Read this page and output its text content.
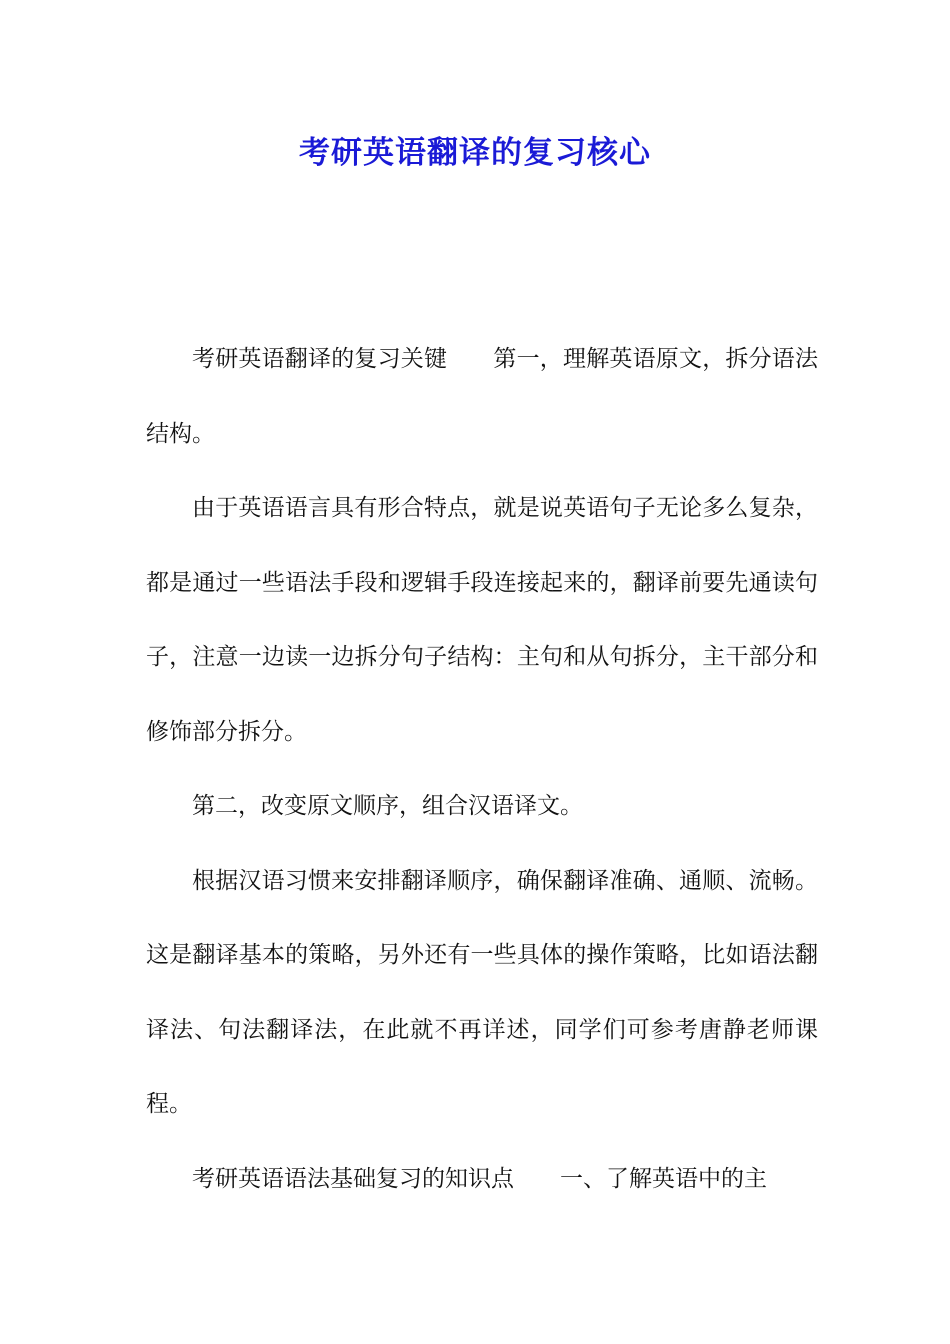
考研英语翻译的复习核心

考研英语翻译的复习关键 第一，理解英语原文，拆分语法结构。

由于英语语言具有形合特点，就是说英语句子无论多么复杂，都是通过一些语法手段和逻辑手段连接起来的，翻译前要先通读句子，注意一边读一边拆分句子结构：主句和从句拆分，主干部分和修饰部分拆分。

第二，改变原文顺序，组合汉语译文。

根据汉语习惯来安排翻译顺序，确保翻译准确、通顺、流畅。这是翻译基本的策略，另外还有一些具体的操作策略，比如语法翻译法、句法翻译法，在此就不再详述，同学们可参考唐静老师课程。

考研英语语法基础复习的知识点 一、了解英语中的主
